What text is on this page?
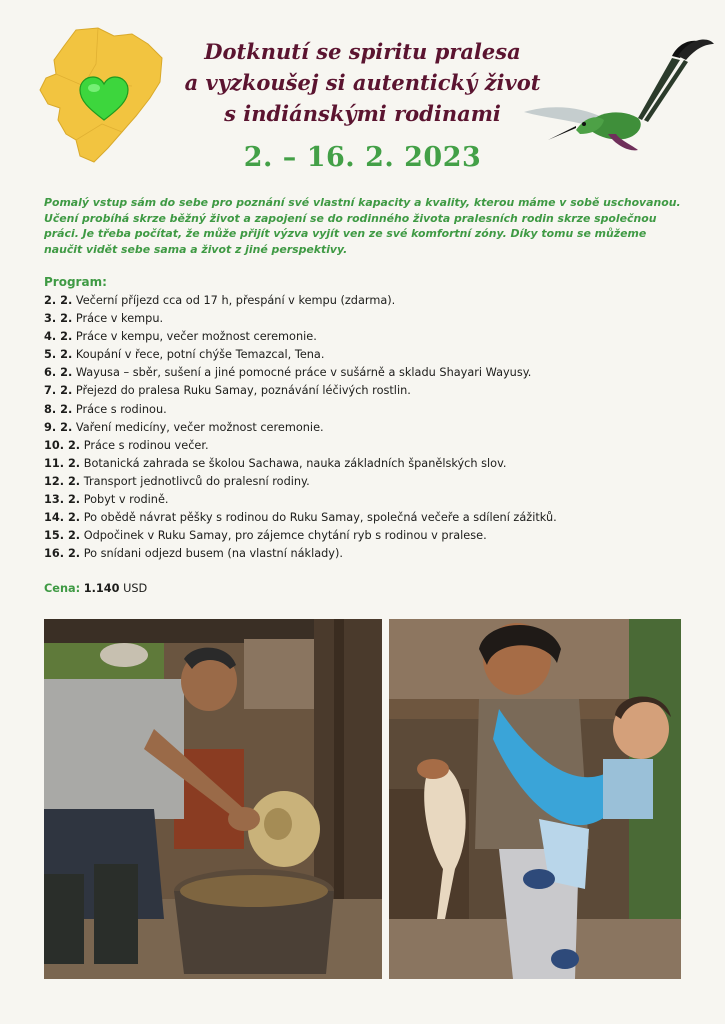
Dotknutí se spiritu pralesa
a vyzkoušej si autentický život
s indiánskými rodinami

2. – 16. 2. 2023

Pomalý vstup sám do sebe pro poznání své vlastní kapacity a kvality, kterou máme v sobě uschovanou. Učení probíhá skrze běžný život a zapojení se do rodinného života pralesních rodin skrze společnou práci. Je třeba počítat, že může přijít výzva vyjít ven ze své komfortní zóny. Díky tomu se můžeme naučit vidět sebe sama a život z jiné perspektivy.

Program:

2. 2. Večerní příjezd cca od 17 h, přespání v kempu (zdarma).
3. 2. Práce v kempu.
4. 2. Práce v kempu, večer možnost ceremonie.
5. 2. Koupání v řece, potní chýše Temazcal, Tena.
6. 2. Wayusa – sběr, sušení a jiné pomocné práce v sušárně a skladu Shayari Wayusy.
7. 2. Přejezd do pralesa Ruku Samay, poznávání léčivých rostlin.
8. 2. Práce s rodinou.
9. 2. Vaření medicíny, večer možnost ceremonie.
10. 2. Práce s rodinou večer.
11. 2. Botanická zahrada se školou Sachawa, nauka základních španělských slov.
12. 2. Transport jednotlivců do pralesní rodiny.
13. 2. Pobyt v rodině.
14. 2. Po obědě návrat pěšky s rodinou do Ruku Samay, společná večeře a sdílení zážitků.
15. 2. Odpočinek v Ruku Samay, pro zájemce chytání ryb s rodinou v pralese.
16. 2. Po snídani odjezd busem (na vlastní náklady).

Cena: 1.140 USD
